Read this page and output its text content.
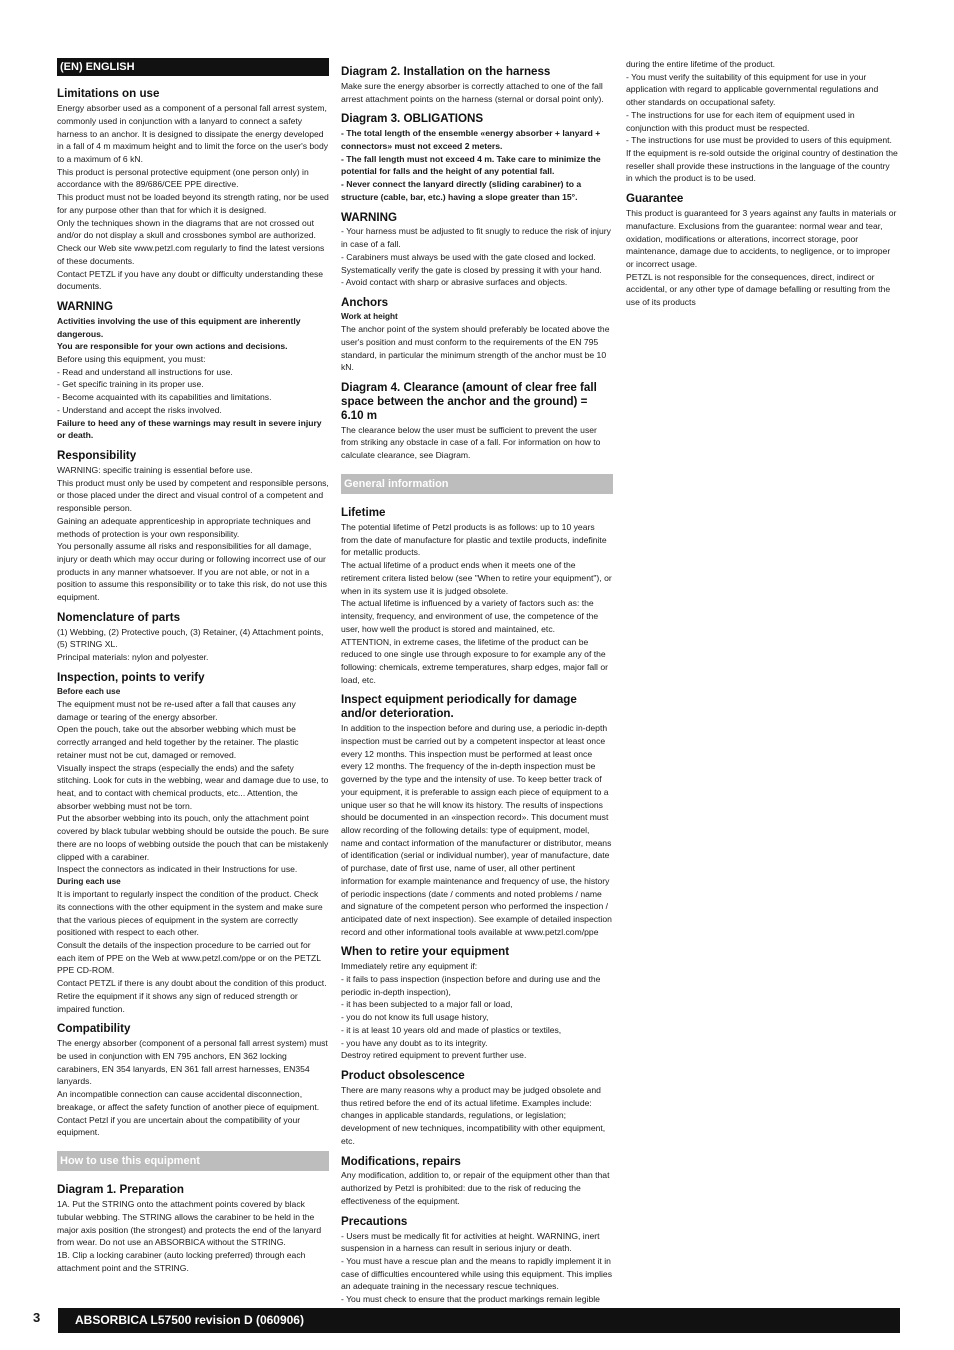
(EN) ENGLISH
Limitations on use

Energy absorber used as a component of a personal fall arrest system, commonly used in conjunction with a lanyard to connect a safety harness to an anchor. It is designed to dissipate the energy developed in a fall of 4 m maximum height and to limit the force on the user's body to a maximum of 6 kN.

This product is personal protective equipment (one person only) in accordance with the 89/686/CEE PPE directive.

This product must not be loaded beyond its strength rating, nor be used for any purpose other than that for which it is designed.

Only the techniques shown in the diagrams that are not crossed out and/or do not display a skull and crossbones symbol are authorized. Check our Web site www.petzl.com regularly to find the latest versions of these documents.

Contact PETZL if you have any doubt or difficulty understanding these documents.

WARNING

Activities involving the use of this equipment are inherently dangerous.

You are responsible for your own actions and decisions.

Before using this equipment, you must:

- Read and understand all instructions for use.

- Get specific training in its proper use.

- Become acquainted with its capabilities and limitations.

- Understand and accept the risks involved.

Failure to heed any of these warnings may result in severe injury or death.

Responsibility

WARNING: specific training is essential before use.

This product must only be used by competent and responsible persons, or those placed under the direct and visual control of a competent and responsible person.

Gaining an adequate apprenticeship in appropriate techniques and methods of protection is your own responsibility.

You personally assume all risks and responsibilities for all damage, injury or death which may occur during or following incorrect use of our products in any manner whatsoever. If you are not able, or not in a position to assume this responsibility or to take this risk, do not use this equipment.

Nomenclature of parts

(1) Webbing, (2) Protective pouch, (3) Retainer, (4) Attachment points, (5) STRING XL.

Principal materials: nylon and polyester.

Inspection, points to verify

Before each use

The equipment must not be re-used after a fall that causes any damage or tearing of the energy absorber.

Open the pouch, take out the absorber webbing which must be correctly arranged and held together by the retainer. The plastic retainer must not be cut, damaged or removed.

Visually inspect the straps (especially the ends) and the safety stitching. Look for cuts in the webbing, wear and damage due to use, to heat, and to contact with chemical products, etc... Attention, the absorber webbing must not be torn.

Put the absorber webbing into its pouch, only the attachment point covered by black tubular webbing should be outside the pouch. Be sure there are no loops of webbing outside the pouch that can be mistakenly clipped with a carabiner.

Inspect the connectors as indicated in their Instructions for use.

During each use

It is important to regularly inspect the condition of the product. Check its connections with the other equipment in the system and make sure that the various pieces of equipment in the system are correctly positioned with respect to each other.

Consult the details of the inspection procedure to be carried out for each item of PPE on the Web at www.petzl.com/ppe or on the PETZL PPE CD-ROM.

Contact PETZL if there is any doubt about the condition of this product.

Retire the equipment if it shows any sign of reduced strength or impaired function.

Compatibility

The energy absorber (component of a personal fall arrest system) must be used in conjunction with EN 795 anchors, EN 362 locking carabiners, EN 354 lanyards, EN 361 fall arrest harnesses, EN354 lanyards.

An incompatible connection can cause accidental disconnection, breakage, or affect the safety function of another piece of equipment. Contact Petzl if you are uncertain about the compatibility of your equipment.

How to use this equipment
Diagram 1. Preparation

1A. Put the STRING onto the attachment points covered by black tubular webbing. The STRING allows the carabiner to be held in the major axis position (the strongest) and protects the end of the lanyard from wear. Do not use an ABSORBICA without the STRING.

1B. Clip a locking carabiner (auto locking preferred) through each attachment point and the STRING.

Diagram 2. Installation on the harness

Make sure the energy absorber is correctly attached to one of the fall arrest attachment points on the harness (sternal or dorsal point only).

Diagram 3. OBLIGATIONS

- The total length of the ensemble «energy absorber + lanyard + connectors» must not exceed 2 meters.

- The fall length must not exceed 4 m. Take care to minimize the potential for falls and the height of any potential fall.

- Never connect the lanyard directly (sliding carabiner) to a structure (cable, bar, etc.) having a slope greater than 15°.

WARNING

- Your harness must be adjusted to fit snugly to reduce the risk of injury in case of a fall.

- Carabiners must always be used with the gate closed and locked. Systematically verify the gate is closed by pressing it with your hand.

- Avoid contact with sharp or abrasive surfaces and objects.

Anchors

Work at height

The anchor point of the system should preferably be located above the user's position and must conform to the requirements of the EN 795 standard, in particular the minimum strength of the anchor must be 10 kN.

Diagram 4. Clearance (amount of clear free fall space between the anchor and the ground) = 6.10 m

The clearance below the user must be sufficient to prevent the user from striking any obstacle in case of a fall. For information on how to calculate clearance, see Diagram.

General information
Lifetime

The potential lifetime of Petzl products is as follows: up to 10 years from the date of manufacture for plastic and textile products, indefinite for metallic products.

The actual lifetime of a product ends when it meets one of the retirement critera listed below (see "When to retire your equipment"), or when in its system use it is judged obsolete.

The actual lifetime is influenced by a variety of factors such as: the intensity, frequency, and environment of use, the competence of the user, how well the product is stored and maintained, etc.

ATTENTION, in extreme cases, the lifetime of the product can be reduced to one single use through exposure to for example any of the following: chemicals, extreme temperatures, sharp edges, major fall or load, etc.

Inspect equipment periodically for damage and/or deterioration.

In addition to the inspection before and during use, a periodic in-depth inspection must be carried out by a competent inspector at least once every 12 months. This inspection must be performed at least once every 12 months. The frequency of the in-depth inspection must be governed by the type and the intensity of use. To keep better track of your equipment, it is preferable to assign each piece of equipment to a unique user so that he will know its history. The results of inspections should be documented in an «inspection record». This document must allow recording of the following details: type of equipment, model, name and contact information of the manufacturer or distributor, means of identification (serial or individual number), year of manufacture, date of purchase, date of first use, name of user, all other pertinent information for example maintenance and frequency of use, the history of periodic inspections (date / comments and noted problems / name and signature of the competent person who performed the inspection / anticipated date of next inspection). See example of detailed inspection record and other informational tools available at www.petzl.com/ppe

When to retire your equipment

Immediately retire any equipment if:

- it fails to pass inspection (inspection before and during use and the periodic in-depth inspection),

- it has been subjected to a major fall or load,

- you do not know its full usage history,

- it is at least 10 years old and made of plastics or textiles,

- you have any doubt as to its integrity.

Destroy retired equipment to prevent further use.

Product obsolescence

There are many reasons why a product may be judged obsolete and thus retired before the end of its actual lifetime. Examples include: changes in applicable standards, regulations, or legislation; development of new techniques, incompatibility with other equipment, etc.

Modifications, repairs

Any modification, addition to, or repair of the equipment other than that authorized by Petzl is prohibited: due to the risk of reducing the effectiveness of the equipment.

Precautions

- Users must be medically fit for activities at height. WARNING, inert suspension in a harness can result in serious injury or death.

- You must have a rescue plan and the means to rapidly implement it in case of difficulties encountered while using this equipment. This implies an adequate training in the necessary rescue techniques.

- You must check to ensure that the product markings remain legible

during the entire lifetime of the product.

- You must verify the suitability of this equipment for use in your application with regard to applicable governmental regulations and other standards on occupational safety.

- The instructions for use for each item of equipment used in conjunction with this product must be respected.

- The instructions for use must be provided to users of this equipment. If the equipment is re-sold outside the original country of destination the reseller shall provide these instructions in the language of the country in which the product is to be used.

Guarantee

This product is guaranteed for 3 years against any faults in materials or manufacture. Exclusions from the guarantee: normal wear and tear, oxidation, modifications or alterations, incorrect storage, poor maintenance, damage due to accidents, to negligence, or to improper or incorrect usage.

PETZL is not responsible for the consequences, direct, indirect or accidental, or any other type of damage befalling or resulting from the use of its products

3	ABSORBICA L57500 revision D (060906)
